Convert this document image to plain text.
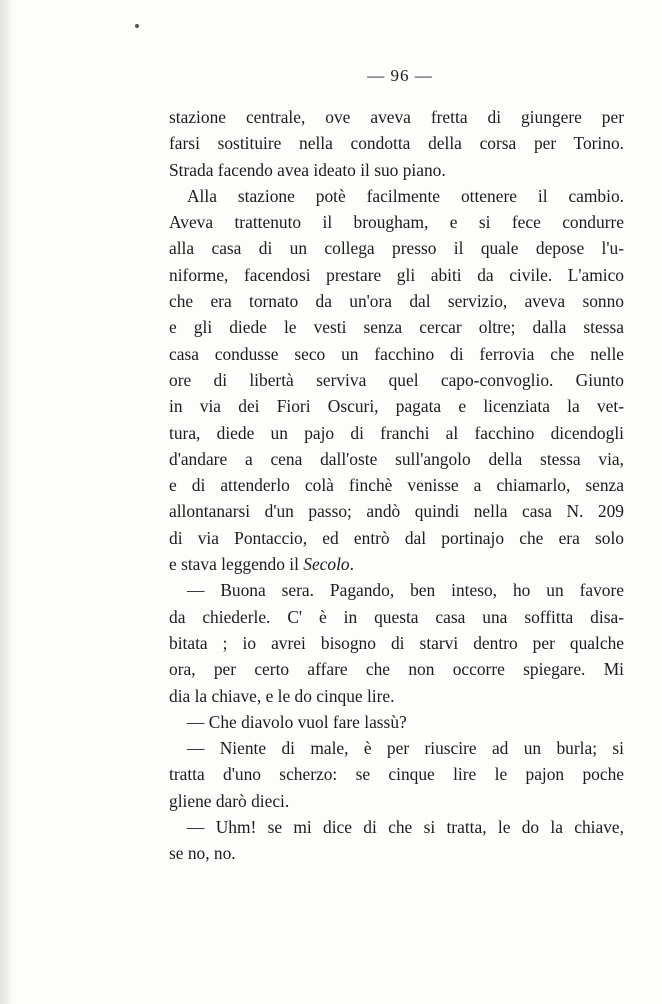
— 96 —
stazione centrale, ove aveva fretta di giungere per
farsi sostituire nella condotta della corsa per Torino.
Strada facendo avea ideato il suo piano.
Alla stazione potè facilmente ottenere il cambio.
Aveva trattenuto il brougham, e si fece condurre
alla casa di un collega presso il quale depose l'u-
niforme, facendosi prestare gli abiti da civile. L'amico
che era tornato da un'ora dal servizio, aveva sonno
e gli diede le vesti senza cercar oltre; dalla stessa
casa condusse seco un facchino di ferrovia che nelle
ore di libertà serviva quel capo-convoglio. Giunto
in via dei Fiori Oscuri, pagata e licenziata la vet-
tura, diede un pajo di franchi al facchino dicendogli
d'andare a cena dall'oste sull'angolo della stessa via,
e di attenderlo colà finchè venisse a chiamarlo, senza
allontanarsi d'un passo; andò quindi nella casa N. 209
di via Pontaccio, ed entrò dal portinajo che era solo
e stava leggendo il Secolo.
— Buona sera. Pagando, ben inteso, ho un favore
da chiederle. C' è in questa casa una soffitta disa-
bitata ; io avrei bisogno di starvi dentro per qualche
ora, per certo affare che non occorre spiegare. Mi
dia la chiave, e le do cinque lire.
— Che diavolo vuol fare lassù?
— Niente di male, è per riuscire ad un burla; si
tratta d'uno scherzo: se cinque lire le pajon poche
gliene darò dieci.
— Uhm! se mi dice di che si tratta, le do la chiave,
se no, no.
